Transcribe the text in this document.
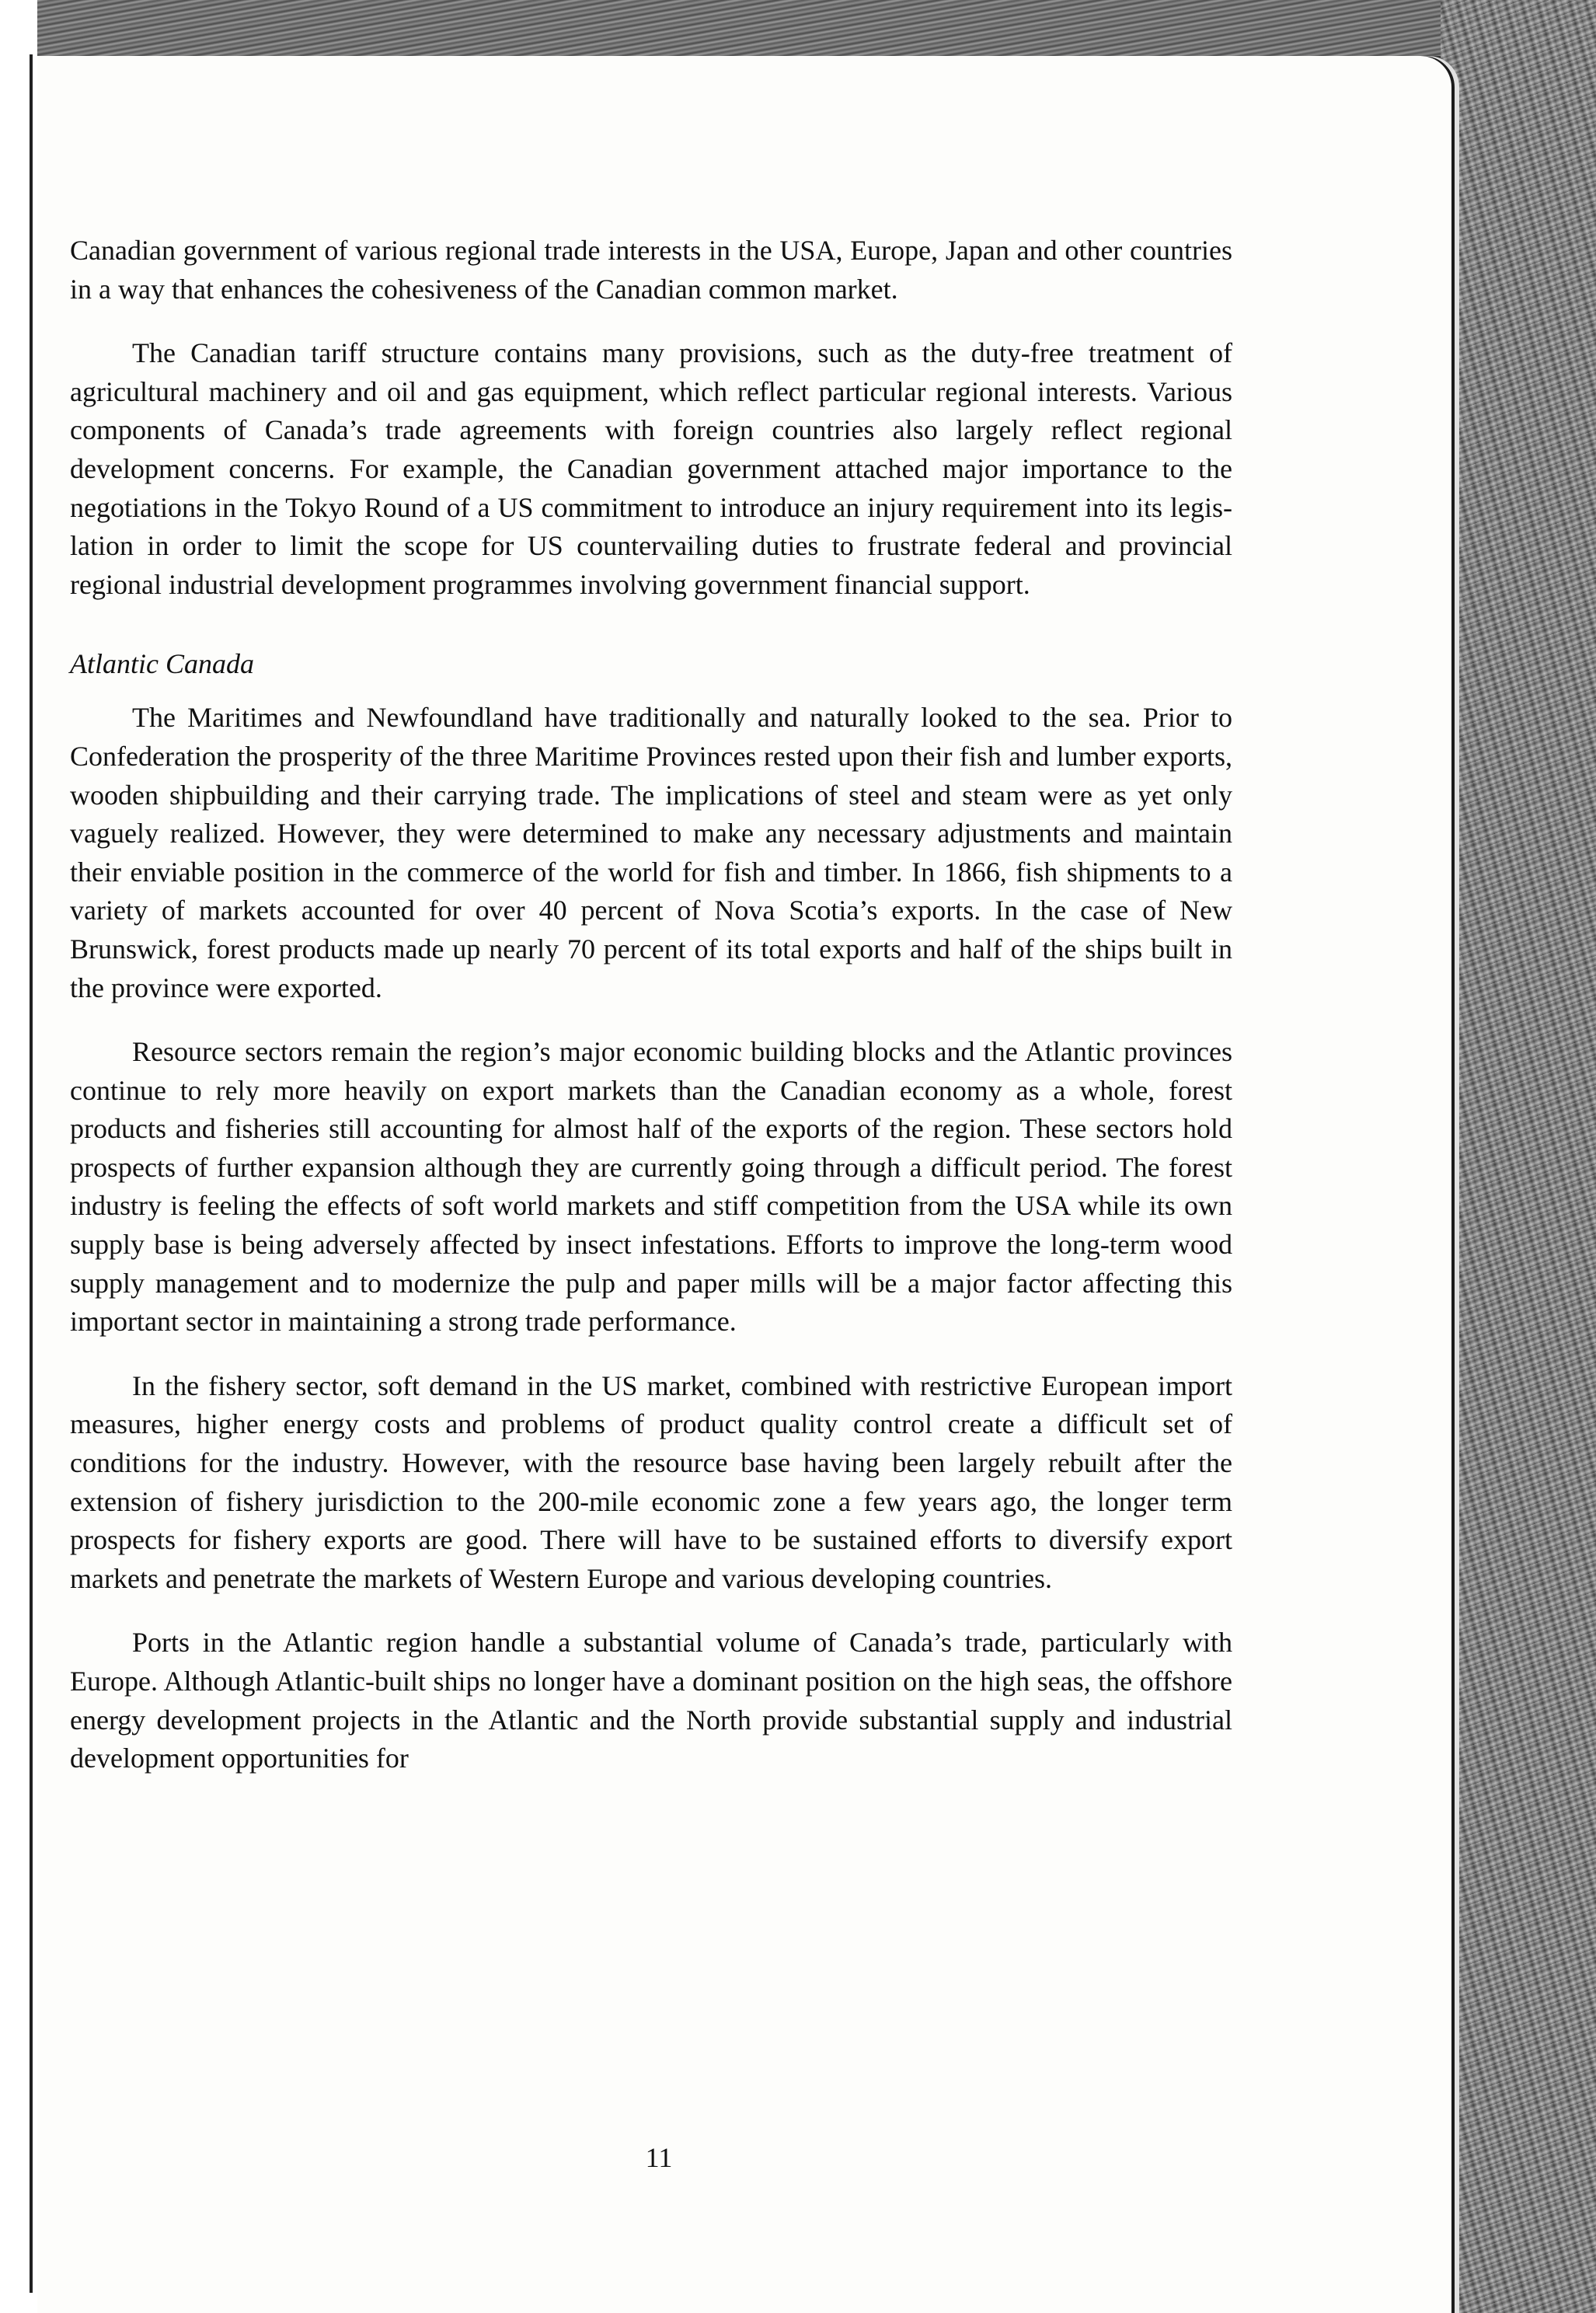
Canadian government of various regional trade interests in the USA, Europe, Japan and other countries in a way that enhances the cohesiveness of the Canadian common market.

The Canadian tariff structure contains many provisions, such as the duty-free treatment of agricultural machinery and oil and gas equipment, which reflect particular regional interests. Various components of Canada’s trade agreements with foreign countries also largely reflect regional development concerns. For example, the Canadian government attached major importance to the negotiations in the Tokyo Round of a US commitment to introduce an injury requirement into its legislation in order to limit the scope for US countervailing duties to frustrate federal and provincial regional industrial development programmes involving government financial support.

Atlantic Canada

The Maritimes and Newfoundland have traditionally and naturally looked to the sea. Prior to Confederation the prosperity of the three Maritime Provinces rested upon their fish and lumber exports, wooden shipbuilding and their carrying trade. The implications of steel and steam were as yet only vaguely realized. However, they were determined to make any necessary adjustments and maintain their enviable position in the commerce of the world for fish and timber. In 1866, fish shipments to a variety of markets accounted for over 40 percent of Nova Scotia’s exports. In the case of New Brunswick, forest products made up nearly 70 percent of its total exports and half of the ships built in the province were exported.

Resource sectors remain the region’s major economic building blocks and the Atlantic provinces continue to rely more heavily on export markets than the Canadian economy as a whole, forest products and fisheries still accounting for almost half of the exports of the region. These sectors hold prospects of further expansion although they are currently going through a difficult period. The forest industry is feeling the effects of soft world markets and stiff competition from the USA while its own supply base is being adversely affected by insect infestations. Efforts to improve the long-term wood supply management and to modernize the pulp and paper mills will be a major factor affecting this important sector in maintaining a strong trade performance.

In the fishery sector, soft demand in the US market, combined with restrictive European import measures, higher energy costs and problems of product quality control create a difficult set of conditions for the industry. However, with the resource base having been largely rebuilt after the extension of fishery jurisdiction to the 200-mile economic zone a few years ago, the longer term prospects for fishery exports are good. There will have to be sustained efforts to diversify export markets and penetrate the markets of Western Europe and various developing countries.

Ports in the Atlantic region handle a substantial volume of Canada’s trade, particularly with Europe. Although Atlantic-built ships no longer have a dominant position on the high seas, the offshore energy development projects in the Atlantic and the North provide substantial supply and industrial development opportunities for

11
